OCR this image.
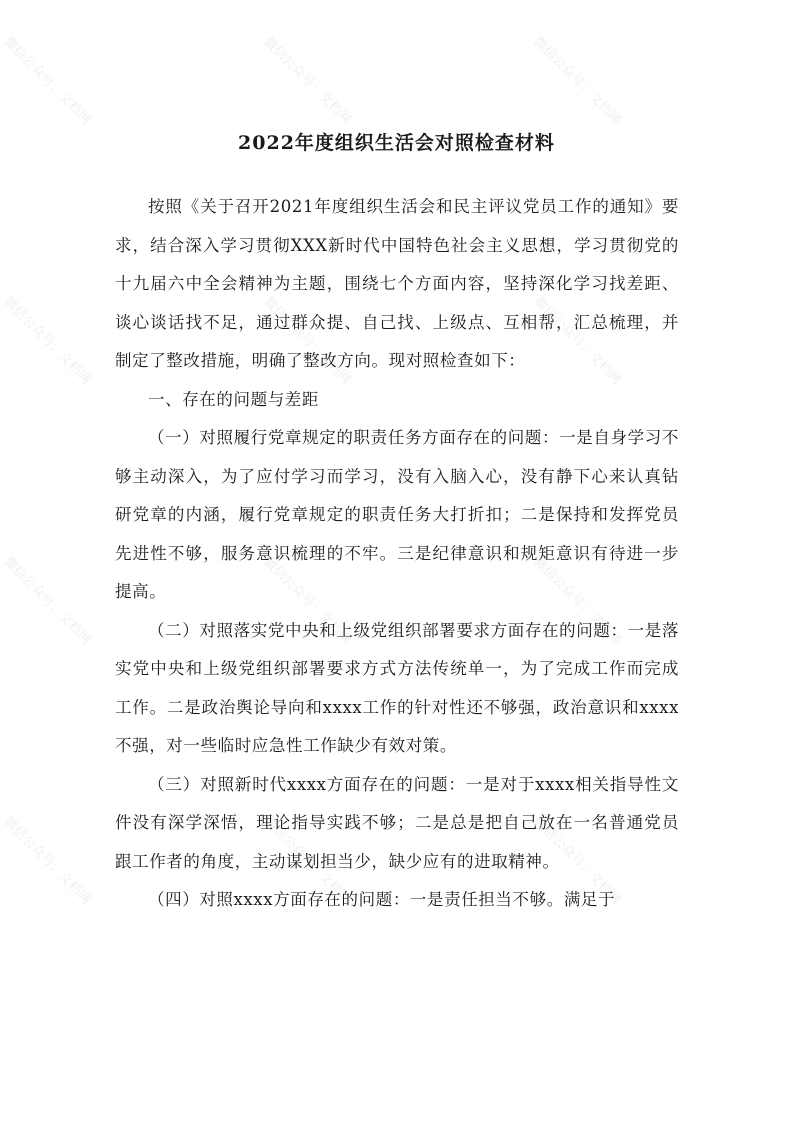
微信公众号：文档网	微信公众号：文档网	微信公众号：文档网
微信公众号：文档网	微信公众号：文档网	微信公众号：文档网
微信公众号：文档网	微信公众号：文档网	微信公众号：文档网
微信公众号：文档网	微信公众号：文档网	微信公众号：文档网
2022年度组织生活会对照检查材料

按照《关于召开2021年度组织生活会和民主评议党员工作的通知》要求，结合深入学习贯彻XXX新时代中国特色社会主义思想，学习贯彻党的十九届六中全会精神为主题，围绕七个方面内容，坚持深化学习找差距、谈心谈话找不足，通过群众提、自己找、上级点、互相帮，汇总梳理，并制定了整改措施，明确了整改方向。现对照检查如下：

一、存在的问题与差距

（一）对照履行党章规定的职责任务方面存在的问题：一是自身学习不够主动深入，为了应付学习而学习，没有入脑入心，没有静下心来认真钻研党章的内涵，履行党章规定的职责任务大打折扣；二是保持和发挥党员先进性不够，服务意识梳理的不牢。三是纪律意识和规矩意识有待进一步提高。

（二）对照落实党中央和上级党组织部署要求方面存在的问题：一是落实党中央和上级党组织部署要求方式方法传统单一，为了完成工作而完成工作。二是政治舆论导向和xxxx工作的针对性还不够强，政治意识和xxxx不强，对一些临时应急性工作缺少有效对策。

（三）对照新时代xxxx方面存在的问题：一是对于xxxx相关指导性文件没有深学深悟，理论指导实践不够；二是总是把自己放在一名普通党员跟工作者的角度，主动谋划担当少，缺少应有的进取精神。

（四）对照xxxx方面存在的问题：一是责任担当不够。满足于
